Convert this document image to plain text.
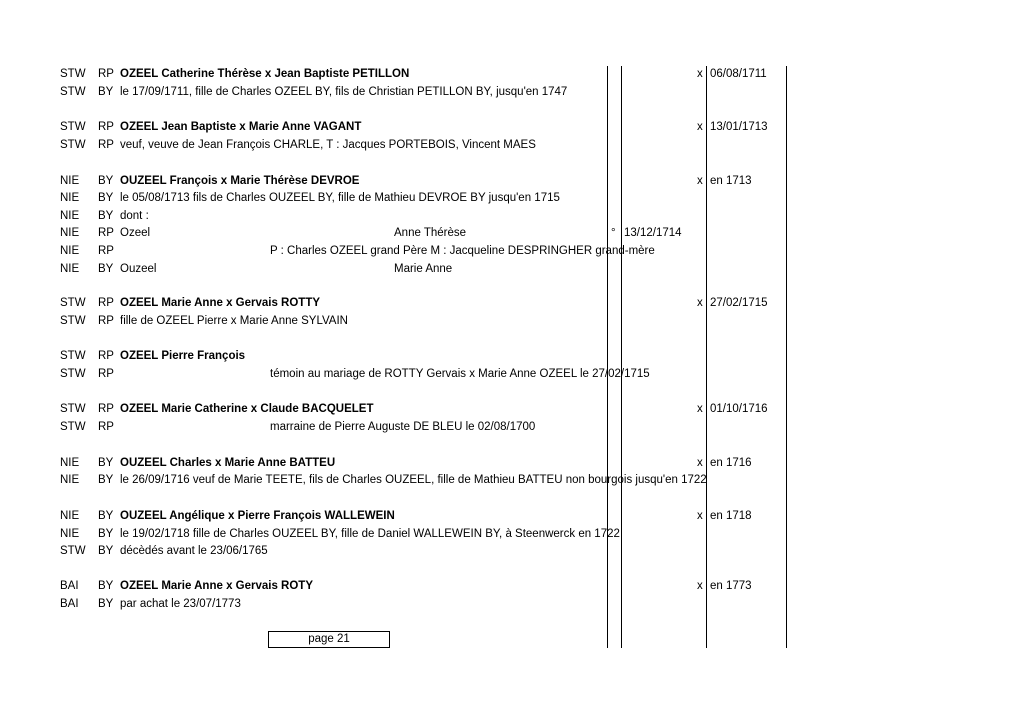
STW RP OZEEL Catherine Thérèse x Jean Baptiste PETILLON	x 06/08/1711
STW BY le 17/09/1711, fille de Charles OZEEL BY, fils de Christian PETILLON BY, jusqu'en 1747
STW RP OZEEL Jean Baptiste x Marie Anne VAGANT	x 13/01/1713
STW RP veuf, veuve de Jean François CHARLE, T : Jacques PORTEBOIS, Vincent MAES
NIE BY OUZEEL François x Marie Thérèse DEVROE	x en 1713
NIE BY le 05/08/1713 fils de Charles OUZEEL BY, fille de Mathieu DEVROE BY jusqu'en 1715
NIE BY dont :
NIE RP Ozeel	Anne Thérèse	° 13/12/1714
NIE RP	P : Charles OZEEL grand Père M : Jacqueline DESPRINGHER grand-mère
NIE BY Ouzeel	Marie Anne
STW RP OZEEL Marie Anne x Gervais ROTTY	x 27/02/1715
STW RP fille de OZEEL Pierre x Marie Anne SYLVAIN
STW RP OZEEL Pierre François
STW RP	témoin au mariage de ROTTY Gervais x Marie Anne OZEEL le 27/02/1715
STW RP OZEEL Marie Catherine x Claude BACQUELET	x 01/10/1716
STW RP	marraine de Pierre Auguste DE BLEU le 02/08/1700
NIE BY OUZEEL Charles x Marie Anne BATTEU	x en 1716
NIE BY le 26/09/1716 veuf de Marie TEETE, fils de Charles OUZEEL, fille de Mathieu BATTEU non bourgois jusqu'en 1722
NIE BY OUZEEL Angélique x Pierre François WALLEWEIN	x en 1718
NIE BY le 19/02/1718 fille de Charles OUZEEL BY, fille de Daniel WALLEWEIN BY, à Steenwerck en 1722
STW BY décèdés avant le 23/06/1765
BAI BY OZEEL Marie Anne x Gervais ROTY	x en 1773
BAI BY par achat le 23/07/1773
page 21
